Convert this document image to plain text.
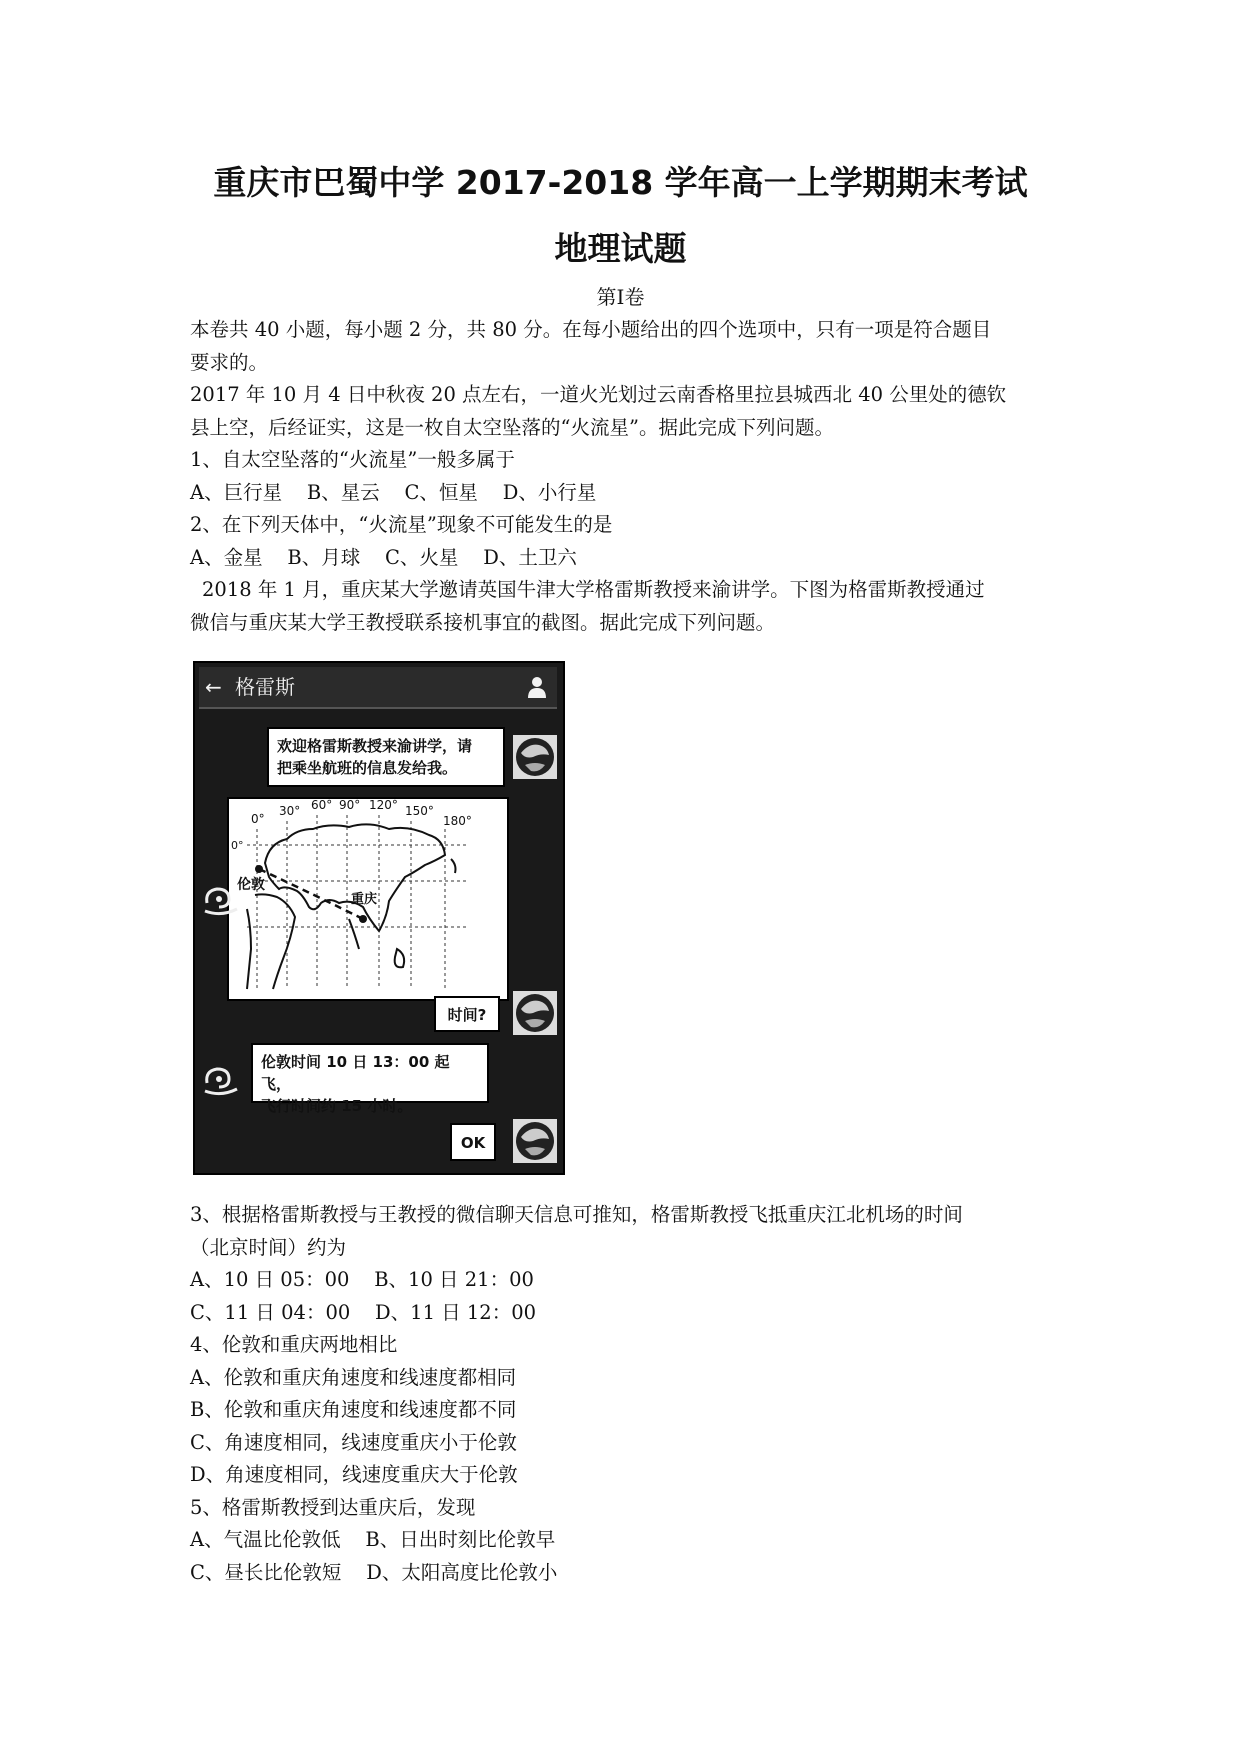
重庆市巴蜀中学 2017-2018 学年高一上学期期末考试
地理试题
第Ⅰ卷
本卷共 40 小题，每小题 2 分，共 80 分。在每小题给出的四个选项中，只有一项是符合题目
要求的。
2017 年 10 月 4 日中秋夜 20 点左右，一道火光划过云南香格里拉县城西北 40 公里处的德钦
县上空，后经证实，这是一枚自太空坠落的“火流星”。据此完成下列问题。
1、自太空坠落的“火流星”一般多属于
A、巨行星    B、星云    C、恒星    D、小行星
2、在下列天体中，“火流星”现象不可能发生的是
A、金星    B、月球    C、火星    D、土卫六
2018 年 1 月，重庆某大学邀请英国牛津大学格雷斯教授来渝讲学。下图为格雷斯教授通过
微信与重庆某大学王教授联系接机事宜的截图。据此完成下列问题。
← 格雷斯
欢迎格雷斯教授来渝讲学，请
把乘坐航班的信息发给我。
0°
30° 60° 90° 120° 150°
180°
0°
伦敦
重庆
时间?
伦敦时间 10 日 13：00 起飞，
飞行时间约 15 小时。
OK
3、根据格雷斯教授与王教授的微信聊天信息可推知，格雷斯教授飞抵重庆江北机场的时间
（北京时间）约为
A、10 日 05：00    B、10 日 21：00
C、11 日 04：00    D、11 日 12：00
4、伦敦和重庆两地相比
A、伦敦和重庆角速度和线速度都相同
B、伦敦和重庆角速度和线速度都不同
C、角速度相同，线速度重庆小于伦敦
D、角速度相同，线速度重庆大于伦敦
5、格雷斯教授到达重庆后，发现
A、气温比伦敦低    B、日出时刻比伦敦早
C、昼长比伦敦短    D、太阳高度比伦敦小
